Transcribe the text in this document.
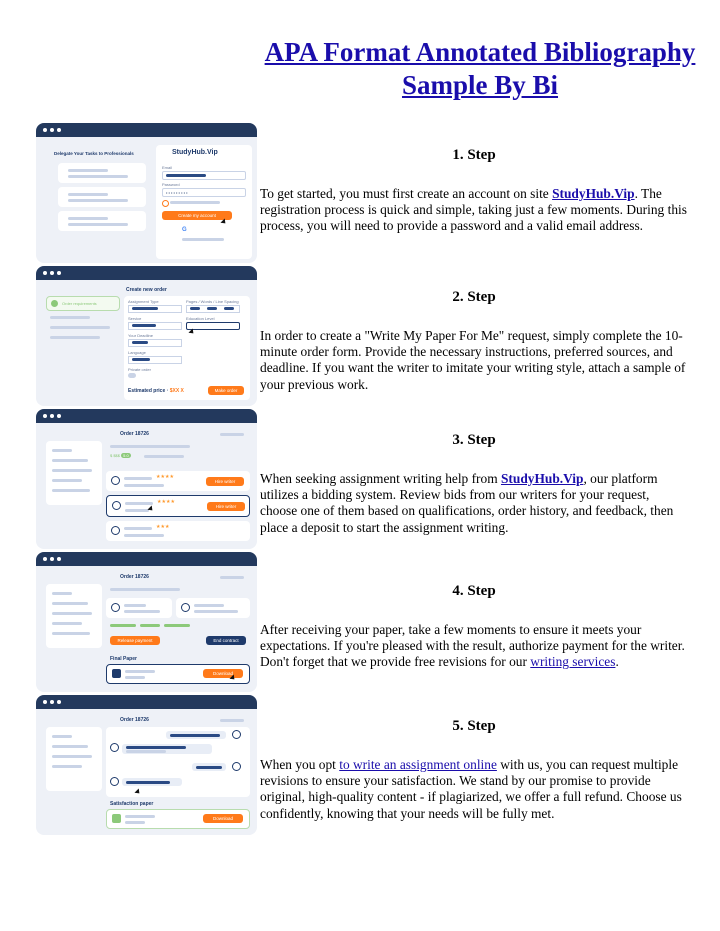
APA Format Annotated Bibliography Sample By Bi
Delegate Your Tasks to Professionals	StudyHub.Vip
Email
Password
• • • • • • • • •
Create my account
G
Create new order
Order requirements	Assignment Type	Pages / Words / Line Spacing
Service	Education Level
Your Deadline
Language
Private order
Estimated price · $XX X	Make order
Order 18726
$ $$$ 5.0
★★★★
Hire writer
★★★★
Hire writer
★★★
Order 18726
Release payment	End contract
Final Paper
Download
Order 18726
Satisfaction paper
Download
1. Step

To get started, you must first create an account on site StudyHub.Vip. The registration process is quick and simple, taking just a few moments. During this process, you will need to provide a password and a valid email address.

2. Step

In order to create a "Write My Paper For Me" request, simply complete the 10-minute order form. Provide the necessary instructions, preferred sources, and deadline. If you want the writer to imitate your writing style, attach a sample of your previous work.

3. Step

When seeking assignment writing help from StudyHub.Vip, our platform utilizes a bidding system. Review bids from our writers for your request, choose one of them based on qualifications, order history, and feedback, then place a deposit to start the assignment writing.

4. Step

After receiving your paper, take a few moments to ensure it meets your expectations. If you're pleased with the result, authorize payment for the writer. Don't forget that we provide free revisions for our writing services.

5. Step

When you opt to write an assignment online with us, you can request multiple revisions to ensure your satisfaction. We stand by our promise to provide original, high-quality content - if plagiarized, we offer a full refund. Choose us confidently, knowing that your needs will be fully met.
